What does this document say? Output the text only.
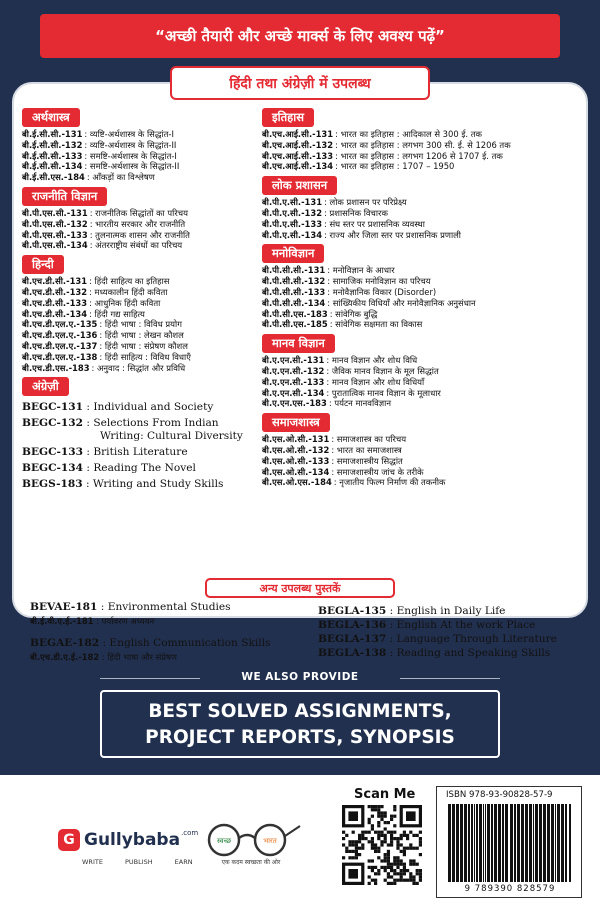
“अच्छी तैयारी और अच्छे मार्क्स के लिए अवश्य पढ़ें”
हिंदी तथा अंग्रेज़ी में उपलब्ध
अर्थशास्त्र
बी.ई.सी.सी.-131 : व्यष्टि-अर्थशास्त्र के सिद्धांत-I
बी.ई.सी.सी.-132 : व्यष्टि-अर्थशास्त्र के सिद्धांत-II
बी.ई.सी.सी.-133 : समष्टि-अर्थशास्त्र के सिद्धांत-I
बी.ई.सी.सी.-134 : समष्टि-अर्थशास्त्र के सिद्धांत-II
बी.ई.सी.एस.-184 : आँकड़ों का विश्लेषण
राजनीति विज्ञान
बी.पी.एस.सी.-131 : राजनीतिक सिद्धांतों का परिचय
बी.पी.एस.सी.-132 : भारतीय सरकार और राजनीति
बी.पी.एस.सी.-133 : तुलनात्मक शासन और राजनीति
बी.पी.एस.सी.-134 : अंतरराष्ट्रीय संबंधों का परिचय
हिन्दी
बी.एच.डी.सी.-131 : हिंदी साहित्य का इतिहास
बी.एच.डी.सी.-132 : मध्यकालीन हिंदी कविता
बी.एच.डी.सी.-133 : आधुनिक हिंदी कविता
बी.एच.डी.सी.-134 : हिंदी गद्य साहित्य
बी.एच.डी.एल.ए.-135 : हिंदी भाषा : विविध प्रयोग
बी.एच.डी.एल.ए.-136 : हिंदी भाषा : लेखन कौशल
बी.एच.डी.एल.ए.-137 : हिंदी भाषा : संप्रेषण कौशल
बी.एच.डी.एल.ए.-138 : हिंदी साहित्य : विविध विधाएँ
बी.एच.डी.एस.-183 : अनुवाद : सिद्धांत और प्रविधि
अंग्रेज़ी
BEGC-131 : Individual and Society
BEGC-132 : Selections From Indian
Writing: Cultural Diversity
BEGC-133 : British Literature
BEGC-134 : Reading The Novel
BEGS-183 : Writing and Study Skills
इतिहास
बी.एच.आई.सी.-131 : भारत का इतिहास : आदिकाल से 300 ई. तक
बी.एच.आई.सी.-132 : भारत का इतिहास : लगभग 300 सी. ई. से 1206 तक
बी.एच.आई.सी.-133 : भारत का इतिहास : लगभग 1206 से 1707 ई. तक
बी.एच.आई.सी.-134 : भारत का इतिहास : 1707 – 1950
लोक प्रशासन
बी.पी.ए.सी.-131 : लोक प्रशासन पर परिप्रेक्ष्य
बी.पी.ए.सी.-132 : प्रशासनिक विचारक
बी.पी.ए.सी.-133 : संघ स्तर पर प्रशासनिक व्यवस्था
बी.पी.ए.सी.-134 : राज्य और जिला स्तर पर प्रशासनिक प्रणाली
मनोविज्ञान
बी.पी.सी.सी.-131 : मनोविज्ञान के आधार
बी.पी.सी.सी.-132 : सामाजिक मनोविज्ञान का परिचय
बी.पी.सी.सी.-133 : मनोवैज्ञानिक विकार (Disorder)
बी.पी.सी.सी.-134 : सांख्यिकीय विधियाँ और मनोवैज्ञानिक अनुसंधान
बी.पी.सी.एस.-183 : सांवेगिक बुद्धि
बी.पी.सी.एस.-185 : सांवेगिक सक्षमता का विकास
मानव विज्ञान
बी.ए.एन.सी.-131 : मानव विज्ञान और शोध विधि
बी.ए.एन.सी.-132 : जैविक मानव विज्ञान के मूल सिद्धांत
बी.ए.एन.सी.-133 : मानव विज्ञान और शोध विधियाँ
बी.ए.एन.सी.-134 : पुरातात्विक मानव विज्ञान के मूलाधार
बी.ए.एन.एस.-183 : पर्यटन मानवविज्ञान
समाजशास्त्र
बी.एस.ओ.सी.-131 : समाजशास्त्र का परिचय
बी.एस.ओ.सी.-132 : भारत का समाजशास्त्र
बी.एस.ओ.सी.-133 : समाजशास्त्रीय सिद्धांत
बी.एस.ओ.सी.-134 : समाजशास्त्रीय जांच के तरीके
बी.एस.ओ.एस.-184 : नृजातीय फिल्म निर्माण की तकनीक
अन्य उपलब्ध पुस्तकें
BEVAE-181 : Environmental Studies
बी.ई.वी.ए.ई.-181 : पर्यावरण अध्ययन
BEGAE-182 : English Communication Skills
बी.एच.डी.ए.ई.-182 : हिंदी भाषा और संप्रेषण
BEGLA-135 : English in Daily Life
BEGLA-136 : English At the work Place
BEGLA-137 : Language Through Literature
BEGLA-138 : Reading and Speaking Skills
WE ALSO PROVIDE
BEST SOLVED ASSIGNMENTS,
PROJECT REPORTS, SYNOPSIS
G Gullybaba .com
WRITE	PUBLISH	EARN
स्वच्छ	भारत
एक कदम स्वच्छता की ओर
Scan Me	ISBN 978-93-90828-57-9
9 789390 828579
